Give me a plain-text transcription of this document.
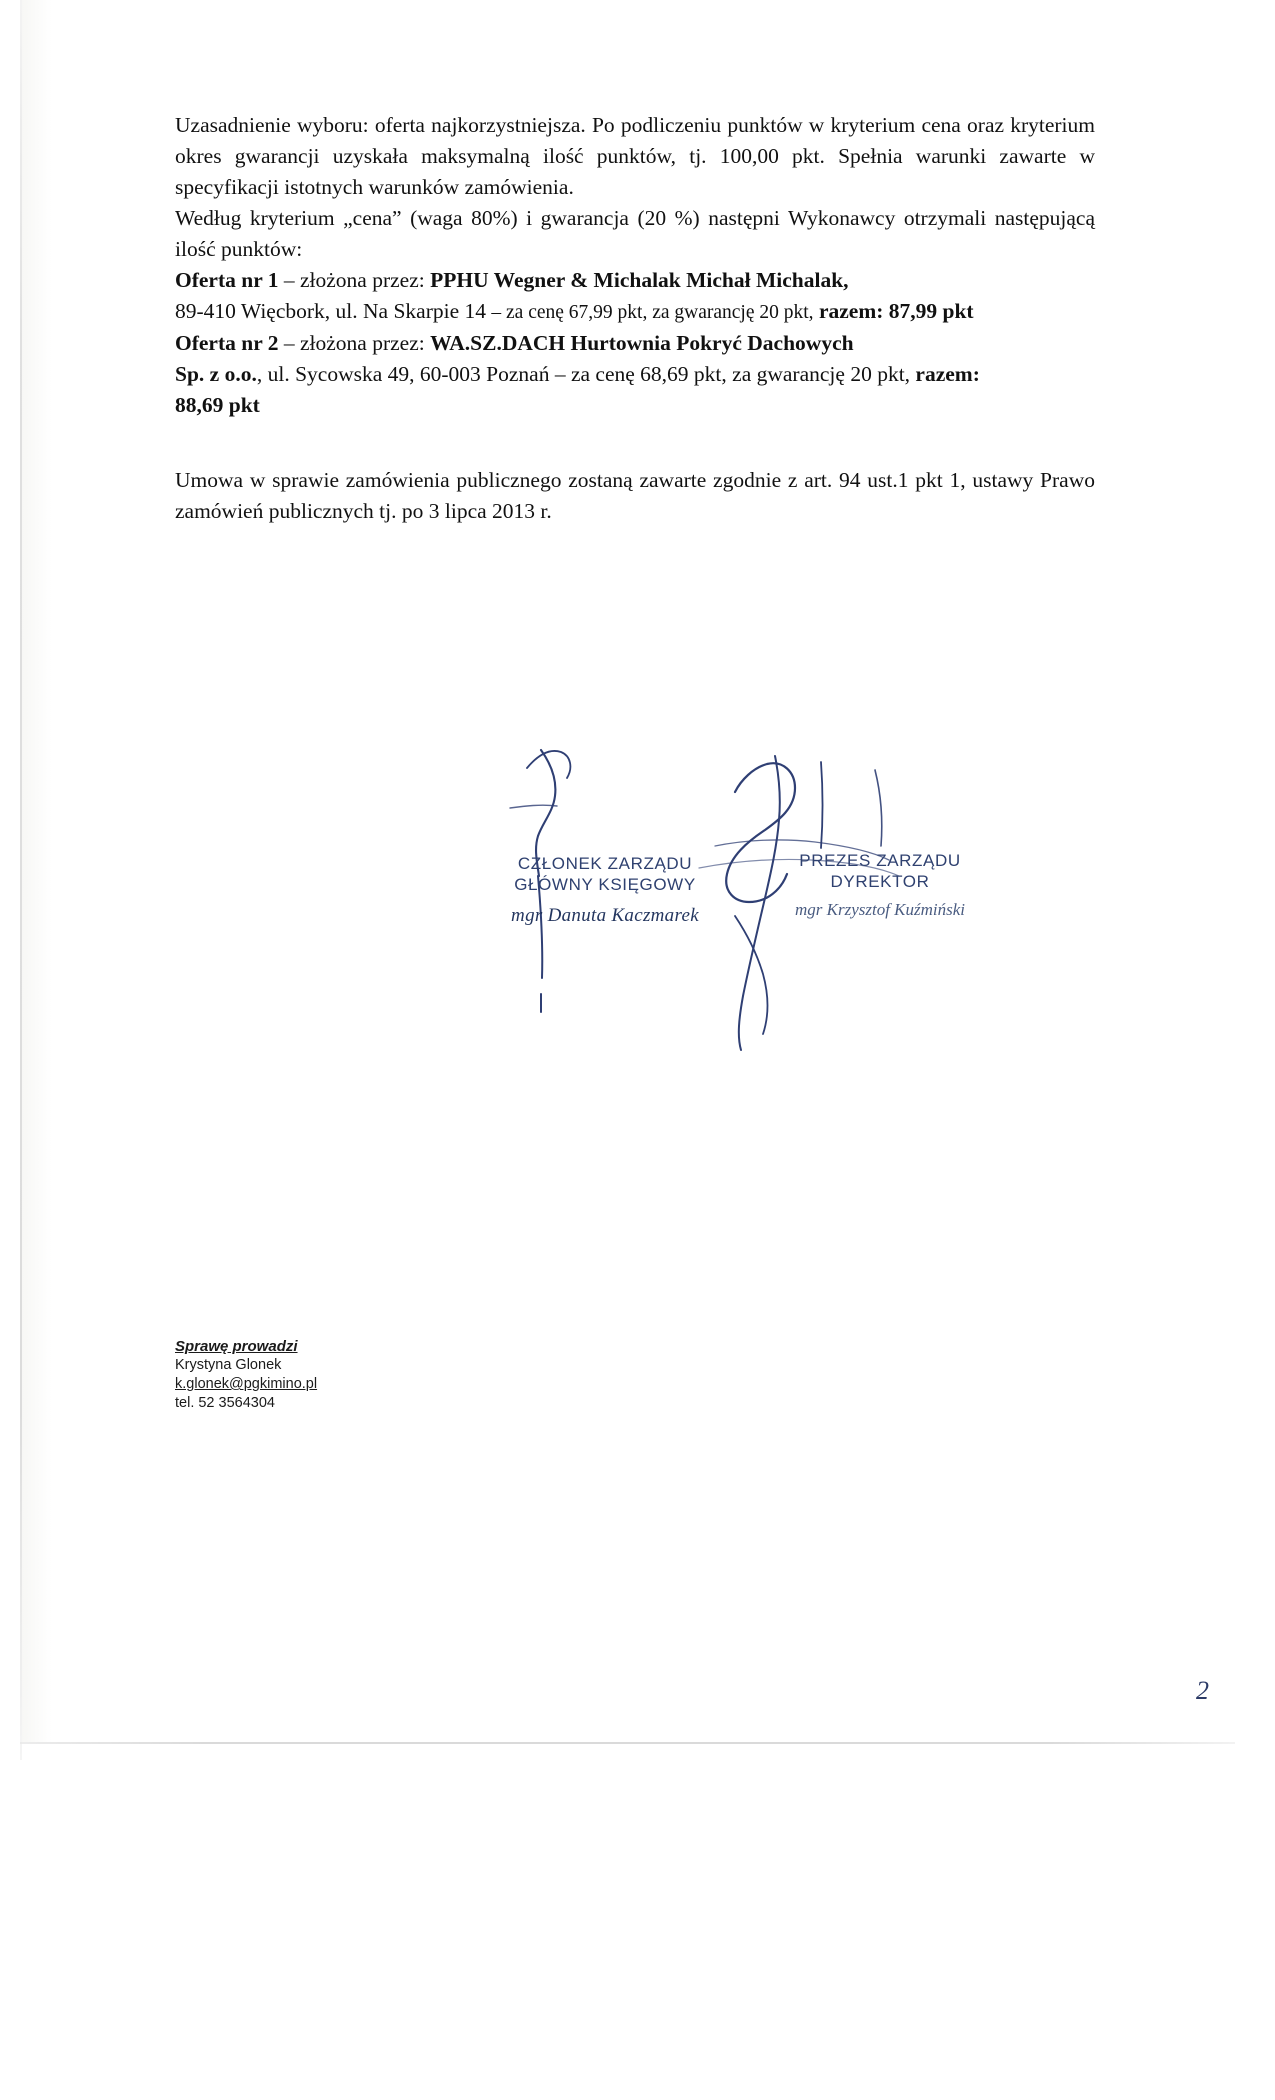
Uzasadnienie wyboru: oferta najkorzystniejsza. Po podliczeniu punktów w kryterium cena oraz kryterium okres gwarancji uzyskała maksymalną ilość punktów, tj. 100,00 pkt. Spełnia warunki zawarte w specyfikacji istotnych warunków zamówienia.

Według kryterium „cena” (waga 80%) i gwarancja (20 %) następni Wykonawcy otrzymali następującą ilość punktów:

Oferta nr 1 – złożona przez: PPHU Wegner & Michalak Michał Michalak,
89-410 Więcbork, ul. Na Skarpie 14 – za cenę 67,99 pkt, za gwarancję 20 pkt, razem: 87,99 pkt
Oferta nr 2 – złożona przez: WA.SZ.DACH Hurtownia Pokryć Dachowych
Sp. z o.o., ul. Sycowska 49, 60-003 Poznań – za cenę 68,69 pkt, za gwarancję 20 pkt, razem:
88,69 pkt

Umowa w sprawie zamówienia publicznego zostaną zawarte zgodnie z art. 94 ust.1 pkt 1, ustawy Prawo zamówień publicznych tj. po 3 lipca 2013 r.

CZŁONEK ZARZĄDU
GŁÓWNY KSIĘGOWY
mgr Danuta Kaczmarek
PREZES ZARZĄDU
DYREKTOR
mgr Krzysztof Kuźmiński
Sprawę prowadzi
Krystyna Glonek
k.glonek@pgkimino.pl
tel. 52 3564304
2
